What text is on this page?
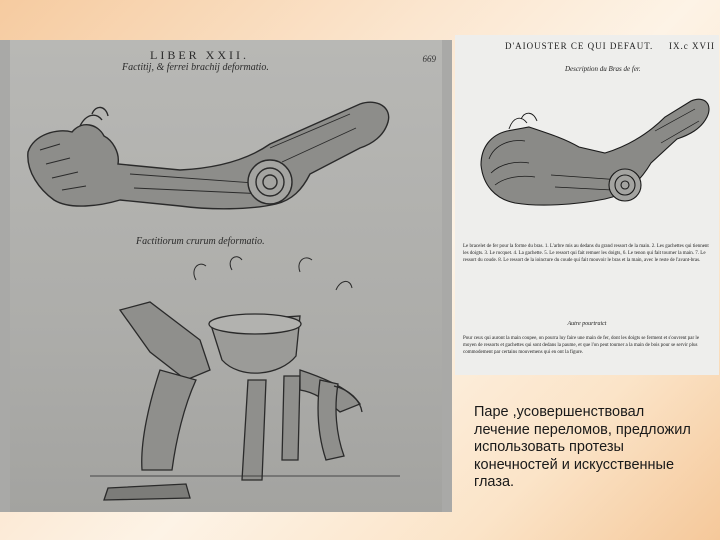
LIBER XXII.
Factitij, & ferrei brachij deformatio.
669
Factitiorum crurum deformatio.
D'AIOUSTER CE QUI DEFAUT. IX.c XVII
Description du Bras de fer.
Le bracelet de fer pour la forme du bras. 1. L'arbre mis au dedans du grand ressort de la main. 2. Les gachettes qui tiennent les doigts. 3. Le rocquet. 4. La gachette. 5. Le ressort qui fait remuer les doigts, 6. Le tenon qui fait tourner la main. 7. Le ressort du coude. 8. Le ressort de la ioincture du coude qui fait mouvoir le bras et la main, avec le reste de l'avant-bras.
Autre pourtraict
Pour ceux qui auront la main coupee, on pourra luy faire une main de fer, dont les doigts se ferment et s'ouvrent par le moyen de ressorts et gachettes qui sont dedans la paume, et que l'on peut tourner a la main de bois pour se servir plus commodement par certains mouvemens qui en ont la figure.
Паре ,усовершенствовал лечение переломов, предложил использовать протезы конечностей и искусственные глаза.
